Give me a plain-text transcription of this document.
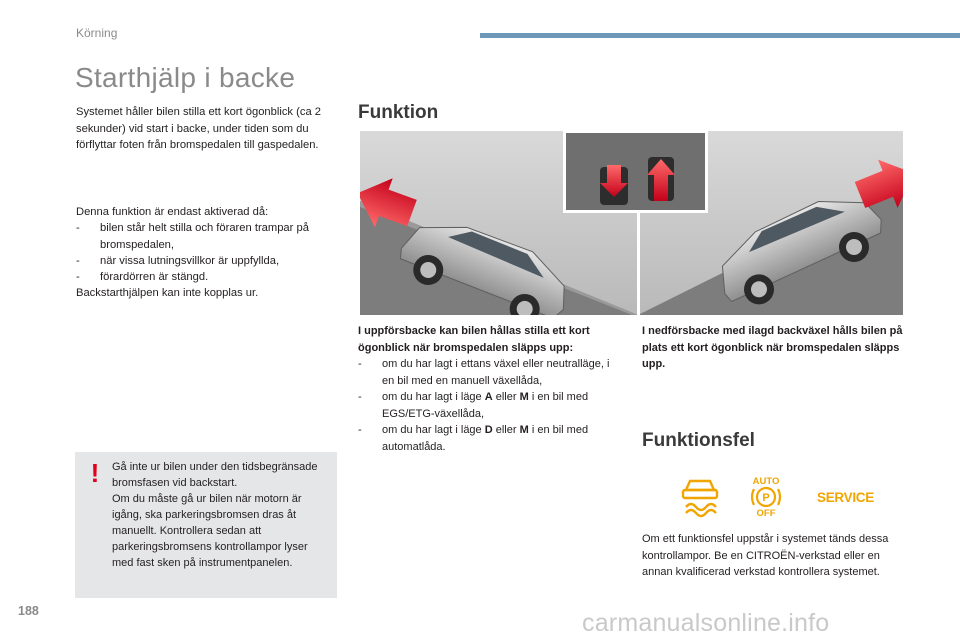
Körning
Starthjälp i backe
Systemet håller bilen stilla ett kort ögonblick (ca 2 sekunder) vid start i backe, under tiden som du förflyttar foten från bromspedalen till gaspedalen.
Denna funktion är endast aktiverad då:
- bilen står helt stilla och föraren trampar på bromspedalen,
- när vissa lutningsvillkor är uppfyllda,
- förardörren är stängd.
Backstarthjälpen kan inte kopplas ur.
! Gå inte ur bilen under den tidsbegränsade bromsfasen vid backstart.
Om du måste gå ur bilen när motorn är igång, ska parkeringsbromsen dras åt manuellt. Kontrollera sedan att parkeringsbromsens kontrollampor lyser med fast sken på instrumentpanelen.
Funktion
I uppförsbacke kan bilen hållas stilla ett kort ögonblick när bromspedalen släpps upp:
- om du har lagt i ettans växel eller neutralläge, i en bil med en manuell växellåda,
- om du har lagt i läge A eller M i en bil med EGS/ETG-växellåda,
- om du har lagt i läge D eller M i en bil med automatlåda.
I nedförsbacke med ilagd backväxel hålls bilen på plats ett kort ögonblick när bromspedalen släpps upp.
Funktionsfel
AUTO
P
OFF
SERVICE
Om ett funktionsfel uppstår i systemet tänds dessa kontrollampor. Be en CITROËN-verkstad eller en annan kvalificerad verkstad kontrollera systemet.
188	carmanualsonline.info
